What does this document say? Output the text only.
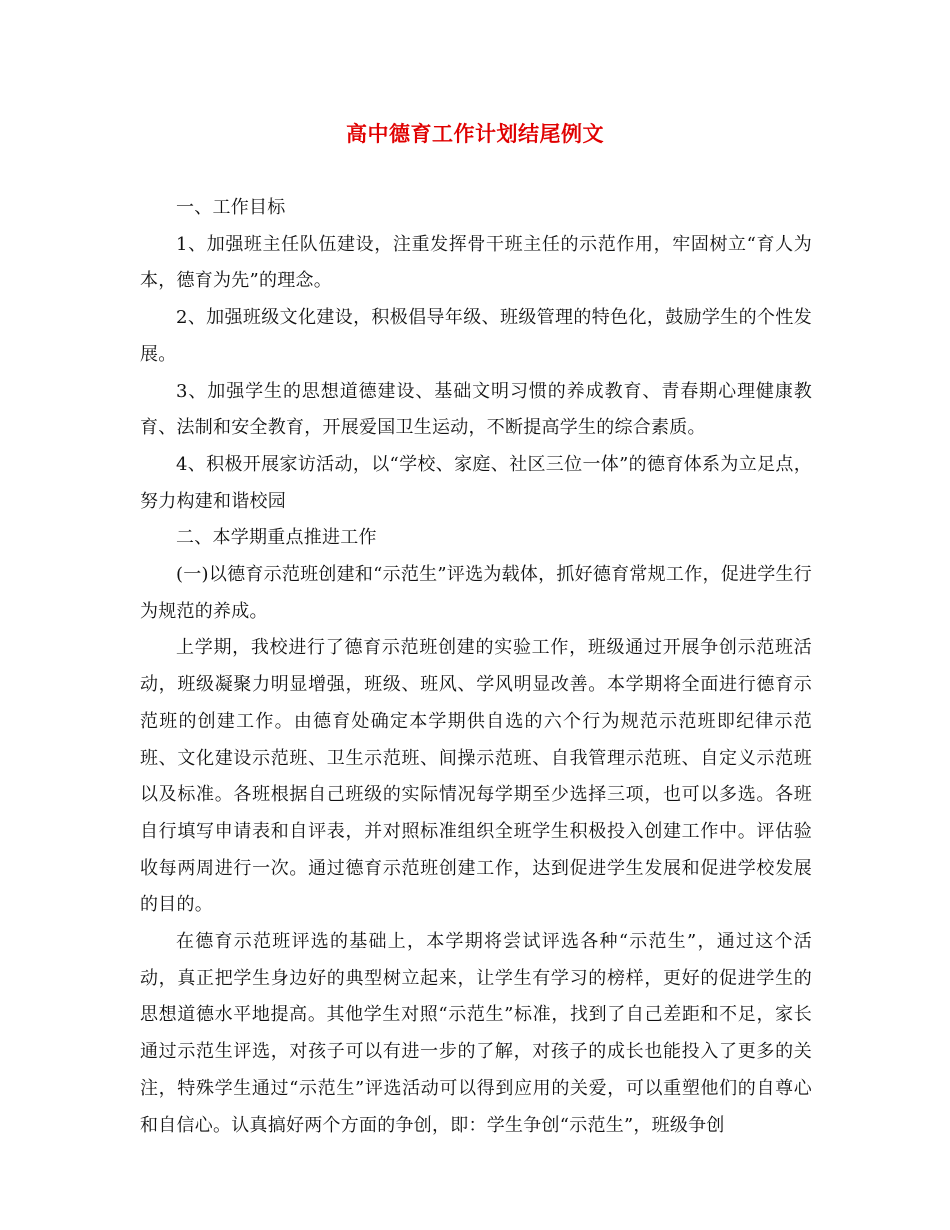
高中德育工作计划结尾例文

一、工作目标

1、加强班主任队伍建设，注重发挥骨干班主任的示范作用，牢固树立“育人为本，德育为先”的理念。

2、加强班级文化建设，积极倡导年级、班级管理的特色化，鼓励学生的个性发展。

3、加强学生的思想道德建设、基础文明习惯的养成教育、青春期心理健康教育、法制和安全教育，开展爱国卫生运动，不断提高学生的综合素质。

4、积极开展家访活动，以“学校、家庭、社区三位一体”的德育体系为立足点，努力构建和谐校园

二、本学期重点推进工作

(一)以德育示范班创建和“示范生”评选为载体，抓好德育常规工作，促进学生行为规范的养成。

上学期，我校进行了德育示范班创建的实验工作，班级通过开展争创示范班活动，班级凝聚力明显增强，班级、班风、学风明显改善。本学期将全面进行德育示范班的创建工作。由德育处确定本学期供自选的六个行为规范示范班即纪律示范班、文化建设示范班、卫生示范班、间操示范班、自我管理示范班、自定义示范班以及标准。各班根据自己班级的实际情况每学期至少选择三项，也可以多选。各班自行填写申请表和自评表，并对照标准组织全班学生积极投入创建工作中。评估验收每两周进行一次。通过德育示范班创建工作，达到促进学生发展和促进学校发展的目的。

在德育示范班评选的基础上，本学期将尝试评选各种“示范生”，通过这个活动，真正把学生身边好的典型树立起来，让学生有学习的榜样，更好的促进学生的思想道德水平地提高。其他学生对照“示范生”标准，找到了自己差距和不足，家长通过示范生评选，对孩子可以有进一步的了解，对孩子的成长也能投入了更多的关注，特殊学生通过“示范生”评选活动可以得到应用的关爱，可以重塑他们的自尊心和自信心。认真搞好两个方面的争创，即：学生争创“示范生”，班级争创
